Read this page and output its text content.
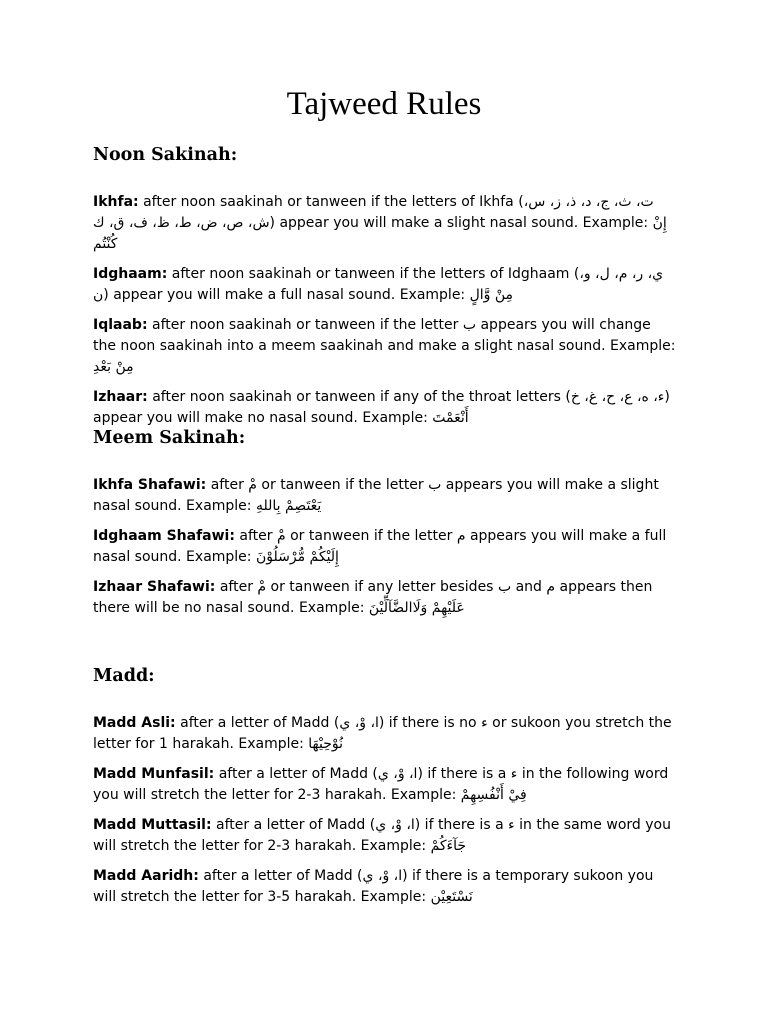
Tajweed Rules
Noon Sakinah:

Ikhfa: after noon saakinah or tanween if the letters of Ikhfa (ت، ث، ج، د، ذ، ز، س، ش، ص، ض، ط، ظ، ف، ق، ك) appear you will make a slight nasal sound. Example: إِنْ كُنْتُم

Idghaam: after noon saakinah or tanween if the letters of Idghaam (ي، ر، م، ل، و، ن) appear you will make a full nasal sound. Example: مِنْ وَّالٍ

Iqlaab: after noon saakinah or tanween if the letter ب appears you will change the noon saakinah into a meem saakinah and make a slight nasal sound. Example: مِنْ بَعْدِ

Izhaar: after noon saakinah or tanween if any of the throat letters (ء، ه، ع، ح، غ، خ) appear you will make no nasal sound. Example: أَنْعَمْتَ

Meem Sakinah:

Ikhfa Shafawi: after مْ or tanween if the letter ب appears you will make a slight nasal sound. Example: يَعْتَصِمْ بِاللهِ

Idghaam Shafawi: after مْ or tanween if the letter م appears you will make a full nasal sound. Example: إِلَيْكُمْ مُّرْسَلُوْنَ

Izhaar Shafawi: after مْ or tanween if any letter besides ب and م appears then there will be no nasal sound. Example: عَلَيْهِمْ وَلَاالضَّآلِّيْنَ

Madd:

Madd Asli: after a letter of Madd (ا، وْ، ي) if there is no ء or sukoon you stretch the letter for 1 harakah. Example: نُوْحِيْهَا

Madd Munfasil: after a letter of Madd (ا، وْ، ي) if there is a ء in the following word you will stretch the letter for 2-3 harakah. Example: فِيْ أَنْفُسِهِمْ

Madd Muttasil: after a letter of Madd (ا، وْ، ي) if there is a ء in the same word you will stretch the letter for 2-3 harakah. Example: جَآءَكُمْ

Madd Aaridh: after a letter of Madd (ا، وْ، ي) if there is a temporary sukoon you will stretch the letter for 3-5 harakah. Example: نَسْتَعِيْن
